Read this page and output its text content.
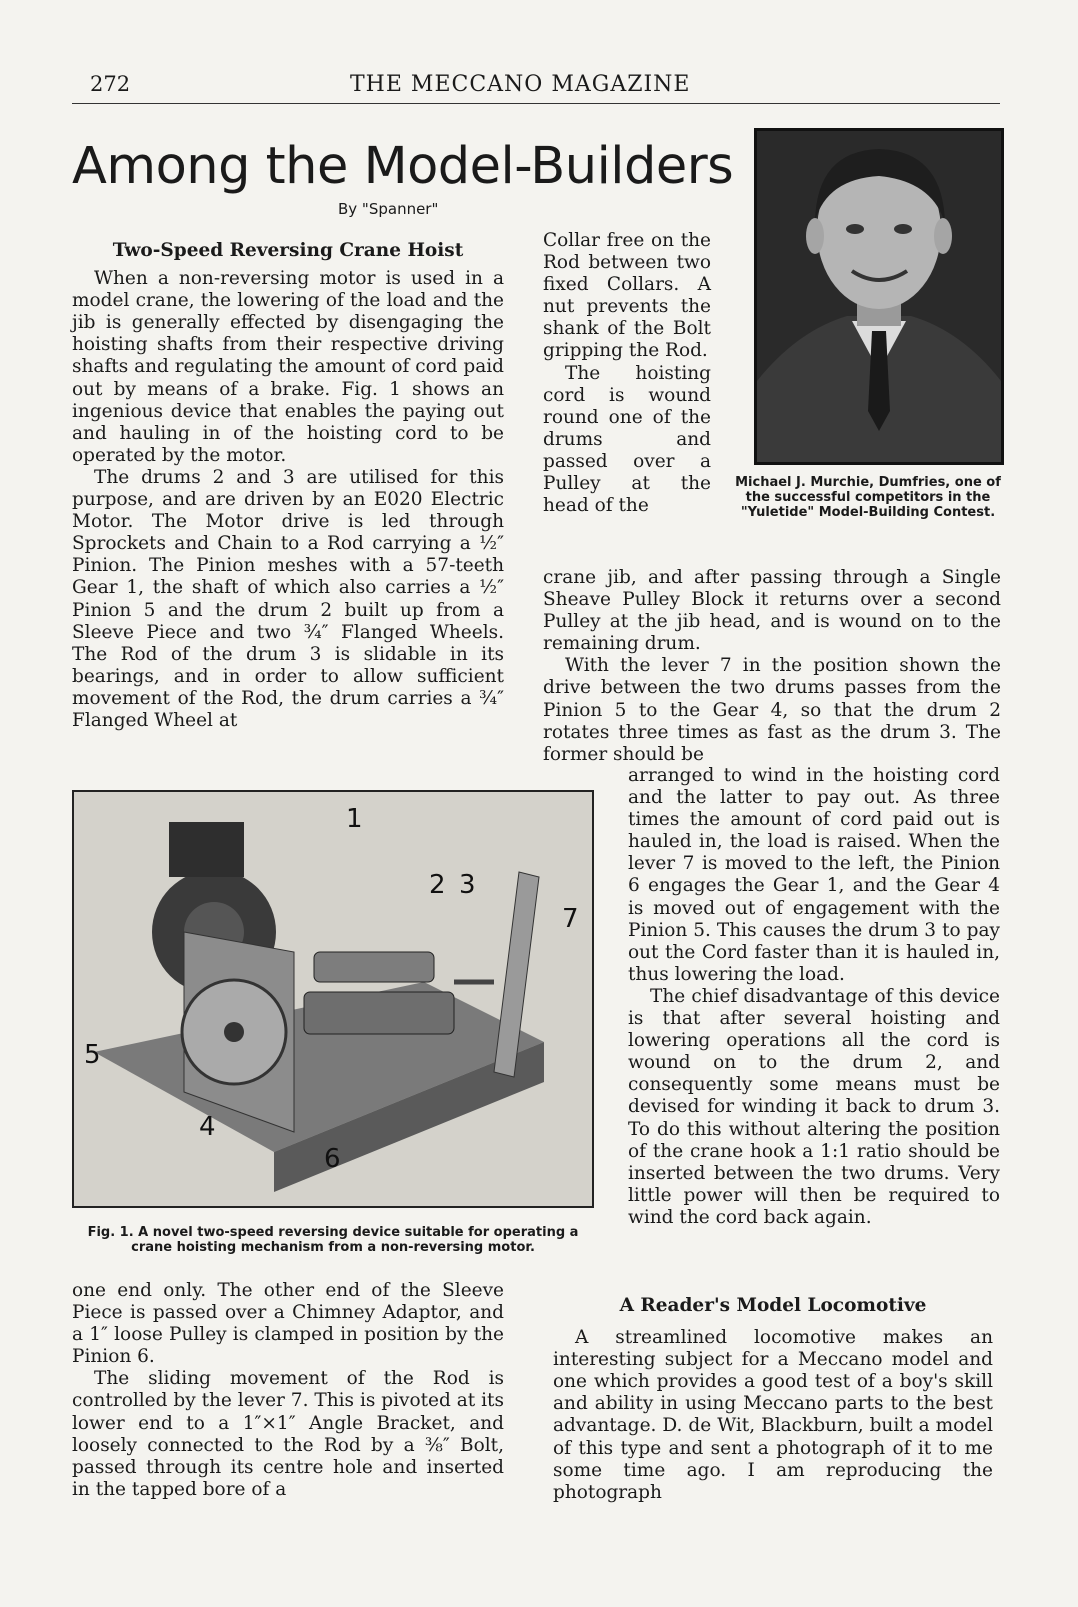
272	THE MECCANO MAGAZINE
Among the Model-Builders
By "Spanner"
Two-Speed Reversing Crane Hoist

When a non-reversing motor is used in a model crane, the lowering of the load and the jib is generally effected by disengaging the hoisting shafts from their respective driving shafts and regulating the amount of cord paid out by means of a brake. Fig. 1 shows an ingenious device that enables the paying out and hauling in of the hoisting cord to be operated by the motor.

The drums 2 and 3 are utilised for this purpose, and are driven by an E020 Electric Motor. The Motor drive is led through Sprockets and Chain to a Rod carrying a ½″ Pinion. The Pinion meshes with a 57-teeth Gear 1, the shaft of which also carries a ½″ Pinion 5 and the drum 2 built up from a Sleeve Piece and two ¾″ Flanged Wheels. The Rod of the drum 3 is slidable in its bearings, and in order to allow sufficient movement of the Rod, the drum carries a ¾″ Flanged Wheel at

Collar free on the Rod between two fixed Collars. A nut prevents the shank of the Bolt gripping the Rod.

The hoisting cord is wound round one of the drums and passed over a Pulley at the head of the

Michael J. Murchie, Dumfries, one of the successful competitors in the "Yuletide" Model-Building Contest.

crane jib, and after passing through a Single Sheave Pulley Block it returns over a second Pulley at the jib head, and is wound on to the remaining drum.

With the lever 7 in the position shown the drive between the two drums passes from the Pinion 5 to the Gear 4, so that the drum 2 rotates three times as fast as the drum 3. The former should be

arranged to wind in the hoisting cord and the latter to pay out. As three times the amount of cord paid out is hauled in, the load is raised. When the lever 7 is moved to the left, the Pinion 6 engages the Gear 1, and the Gear 4 is moved out of engagement with the Pinion 5. This causes the drum 3 to pay out the Cord faster than it is hauled in, thus lowering the load.

The chief disadvantage of this device is that after several hoisting and lowering operations all the cord is wound on to the drum 2, and consequently some means must be devised for winding it back to drum 3. To do this without altering the position of the crane hook a 1:1 ratio should be inserted between the two drums. Very little power will then be required to wind the cord back again.

1
2 3
4
5
6
7
Fig. 1. A novel two-speed reversing device suitable for operating a crane hoisting mechanism from a non-reversing motor.

one end only. The other end of the Sleeve Piece is passed over a Chimney Adaptor, and a 1″ loose Pulley is clamped in position by the Pinion 6.

The sliding movement of the Rod is controlled by the lever 7. This is pivoted at its lower end to a 1″×1″ Angle Bracket, and loosely connected to the Rod by a ⅜″ Bolt, passed through its centre hole and inserted in the tapped bore of a

A Reader's Model Locomotive

A streamlined locomotive makes an interesting subject for a Meccano model and one which provides a good test of a boy's skill and ability in using Meccano parts to the best advantage. D. de Wit, Blackburn, built a model of this type and sent a photograph of it to me some time ago. I am reproducing the photograph
